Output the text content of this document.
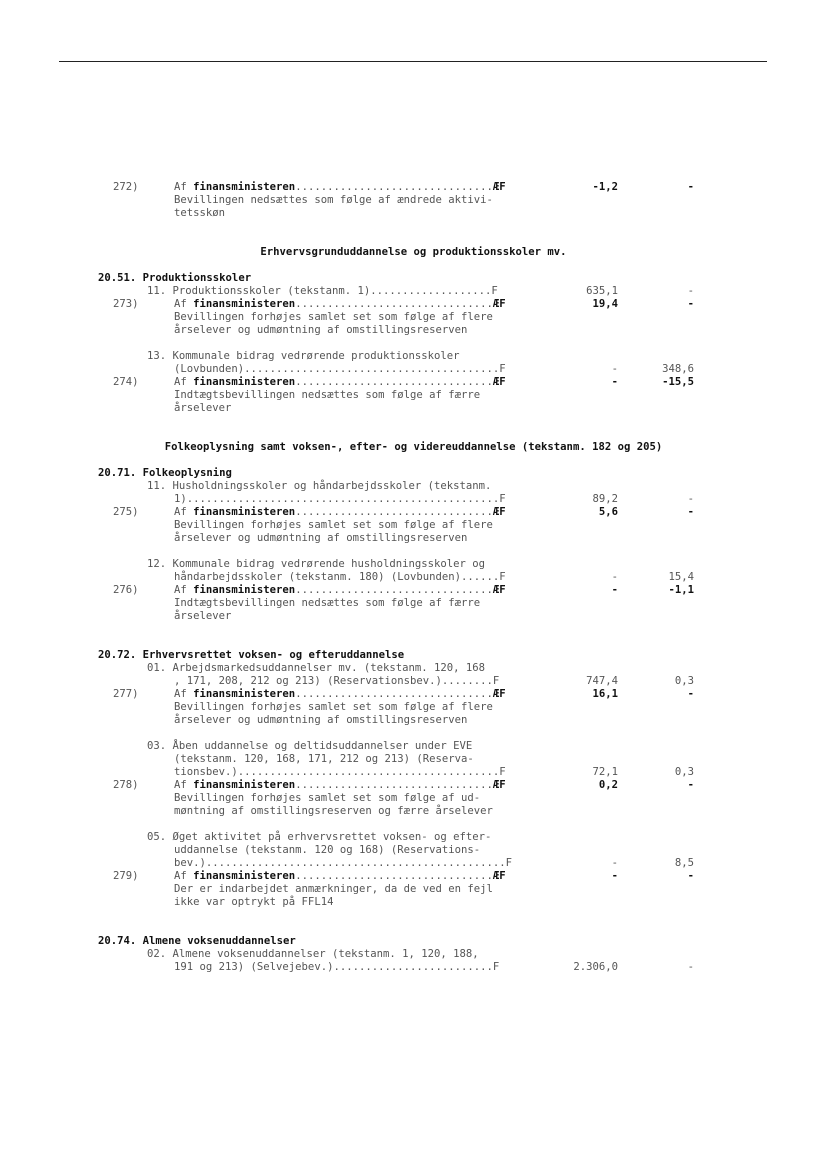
Erhvervsgrunduddannelse og produktionsskoler mv.
Folkeoplysning samt voksen-, efter- og videreuddannelse (tekstanm. 182 og 205)
272)	Af finansministeren...............................ÆF	-1,2	-
Bevillingen nedsættes som følge af ændrede aktivi-
tetsskøn
20.51. Produktionsskoler
11. Produktionsskoler (tekstanm. 1)...................F	635,1	-
273)	Af finansministeren...............................ÆF	19,4	-
Bevillingen forhøjes samlet set som følge af flere
årselever og udmøntning af omstillingsreserven
13. Kommunale bidrag vedrørende produktionsskoler
(Lovbunden)........................................F	-	348,6
274)	Af finansministeren...............................ÆF	-	-15,5
Indtægtsbevillingen nedsættes som følge af færre
årselever
20.71. Folkeoplysning
11. Husholdningsskoler og håndarbejdsskoler (tekstanm.
1).................................................F	89,2	-
275)	Af finansministeren...............................ÆF	5,6	-
Bevillingen forhøjes samlet set som følge af flere
årselever og udmøntning af omstillingsreserven
12. Kommunale bidrag vedrørende husholdningsskoler og
håndarbejdsskoler (tekstanm. 180) (Lovbunden)......F	-	15,4
276)	Af finansministeren...............................ÆF	-	-1,1
Indtægtsbevillingen nedsættes som følge af færre
årselever
20.72. Erhvervsrettet voksen- og efteruddannelse
01. Arbejdsmarkedsuddannelser mv. (tekstanm. 120, 168
, 171, 208, 212 og 213) (Reservationsbev.)........F	747,4	0,3
277)	Af finansministeren...............................ÆF	16,1	-
Bevillingen forhøjes samlet set som følge af flere
årselever og udmøntning af omstillingsreserven
03. Åben uddannelse og deltidsuddannelser under EVE
(tekstanm. 120, 168, 171, 212 og 213) (Reserva-
tionsbev.).........................................F	72,1	0,3
278)	Af finansministeren...............................ÆF	0,2	-
Bevillingen forhøjes samlet set som følge af ud-
møntning af omstillingsreserven og færre årselever
05. Øget aktivitet på erhvervsrettet voksen- og efter-
uddannelse (tekstanm. 120 og 168) (Reservations-
bev.)...............................................F	-	8,5
279)	Af finansministeren...............................ÆF	-	-
Der er indarbejdet anmærkninger, da de ved en fejl
ikke var optrykt på FFL14
20.74. Almene voksenuddannelser
02. Almene voksenuddannelser (tekstanm. 1, 120, 188,
191 og 213) (Selvejebev.).........................F	2.306,0	-
